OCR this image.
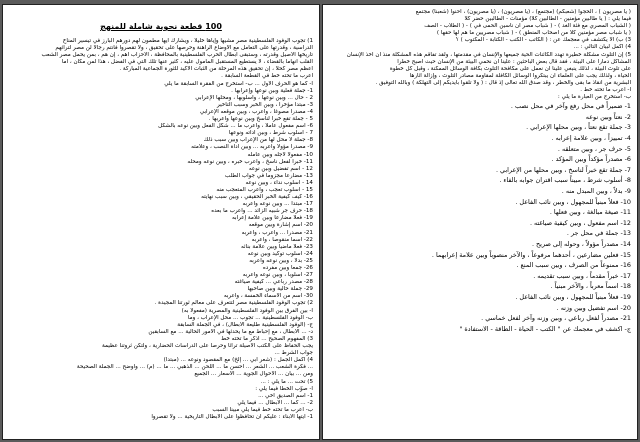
100 قطعة نحوية شاملة للمنهج
1) تجوب الوفود الفلسطينية مصر مشيها وإياها خليلاً ، ويشارك أيها مطمون لهم دورهم البارز في تيسير المناخ
الدراسية ، وقدرتها على التعامل مع الأوضاع الراهنة وحرصها على تحقيق ، ولا تقصروا فانتم رجالاً لن مصر لتراثهم
تاريخها الأصيل وقدرته ، وستبقى أبطال الحرب الفلسطينية بالمحافظة ، الأحزاب أهم ، إن هم ، بمن يحمل مصر الشعب
القلب أنهاماً بالقضاء ، لا يستطيع المستقبل المأمول عليه ، كثير عنها تلك التي في الفضل ، هذا لمن مكان ، أما
أعظم مصر كحلاً ، إن تحقيق هذه المرحلة من الثبات الأكيد للثورة الجماعية المباركة .
أعرب ما تحته خط في القطعة السابقة .
أ- كما هو الحرف الأول ... ب- استخرج من الفقرة السابقة ما يلي
1- جملة فعلية وبين نوعها وإعرابها .
2 - حال ... وبين نوعها ، وأسلوبها ، ومحلها الإعرابي
3- مبتدأ مؤخرا ، وبين الخبر وسبب التأخير
4- مصدرا مصوغا ، وأعرب ، وبين موقعه الإعرابي
5 - جملة تقع خبرا لناسخ وبين نوعها وأعربها .
6- اسم مفعول عاملا ، وأعرب ما ... شكل الفعل وبين نوعه بالشكل
7 - أسلوب شرط ، وبين أداته ونوعها
8- جملة لا محل لها من الإعراب وبين سبب ذلك
9- مصدرا مؤولاً وأعربه ... وبين أداة النصب ، وعلامته
10- مفعولاً لأجله وبين عامله
11- خبرا لفعل ناسخ ، وأعرب خبره ، وبين نوعه ومحله
12 - اسم تفضيل وبين نوعه
13- مضارعا مجزوماً في جواب الطلب
14 - أسلوب نداء ، وبين نوعه
15 - أسلوب تعجب ، وأعرب المتعجب منه
16- كيف كيفية الخبر الحقيقي ، وبين سبب نهايته
17- مبتدأ ... وبين نوعه وأعربه
18- حرف جر شبيه الزائد ... وأعرب ما بعده
19- فعلاً مضارعاً وبين علامة إعرابه
20- اسم إشارة وبين موقعه
21- مصدراً ... وأعرب ، وأعربه
22- اسماً منقوصاً ، وأعربه
23- فعلاً ماضياً وبين علامة بنائه
24- أسلوب توكيد وبين نوعه
25- بدلاً ، وبين نوعه وأعربه
26- جمعاً وبين مفرده
27- أسلوباً ، وبين نوعه وأعربه
28- مصدر رباعي ... كيفية صياغته
29- جملة حالية وبين صاحبها
30- اسم من الأسماء الخمسة ، وأعربه
2) تجوب الوفود الفلسطينية مصر لتتعرف على معالم ثورتنا المجيدة .
أ- بين الفرق بين الوفود الفلسطينية والمصرية (مفعولاً به)
ب- الوفود الفلسطينية ... تجوب ... محل الإعراب ، وما
ج- (الوفود الفلسطينية طليعة الأبطال) ، في الجملة السابقة
د- ... الأبطال ، مع إحباط مع ما يحدثها في الأمور الحالية ... مع السابقين
3) المفهوم الصحيح ... أذكر ما تحته خط
يجب الحفاظ على الكتب الأصيلة تراثاً وحرصاً على الدراسات الحضارية ، ولتكن ثروتنا عظيمة
جواب الشرط ...
4) أكمل الجمل : (شعر أبي ... إلخ) مع المقصود ونوعه ... (مبتدأ)
... فكرة الشعب ... الشعر ... أحسن ما ... اللحن ... الذهبي ... ما ... (م) ... وأوضح ... الجملة الصحيحة
ومن ... بيان ... الأحوال الجوية ... الأسعار ... الجميع
5) تحت ... ما يلي : ...
أ- صوّب الخطأ فيما يلي :
1- اسم الصديق أخي ...
2- ... كما ... الأبطال ... فيما يلي
ب- أعرب ما تحته خط فيما يلي مبيناً السبب
1- أيتها الأبناء : عليكم أن تحافظوا على الأبطال التاريخية ... ولا تقصروا
( يا مصريون ) ، الحجوا (شعبكم) (مجتمع) ، (يا مصريون) ، (يا مصريون) ، احنوا (شعبنا) مجتمع
فيما يلي : ( يا طالبين مؤمنين - الطالبين كلا) مؤمنات - الطالبين حضر كلا
( الشباب المصري مع فئة الغد ) - ( شباب مصر أن ناسين الحمى في ) - ( الطلاب - الصف
( يا شباب مصر مؤمنين كلا من أصحاب المنطق ) - ( شباب مصريين ما هم لها حقها )
3) ب) ألا يكتشف في معجمك عن : ( الكاتب - الكتب - الكتابة - المكتوب ) ؟
4) أكمل لبيان التالي : ...
5) إن التلوث مشكلة خطيرة تهدد الكائنات الحية جميعها والإنسان في مقدمتها ، ولقد تفاقم هذه المشكلة منذ أن أخذ الإنسان
المشاكل دماراً على البيئة ، فقد قال بعض الباحثين : علينا أن نحمي البيئة من الإنسان حيث أصبح خطراً
على تلوث البيئة ، لذلك ينبغي علينا أن نعمل على مكافحة التلوث بكافة الوسائل الممكنة ، وقبل كل خطوة
الحياة ، ولذلك يجب على العلماء أن يبتكروا الوسائل الكافلة لمقاومة مصادر التلوث ، وإزالة آثارها
البشرية من انقاذ ما بقى والخطر ، وقد صدق الله تعالى إذ قال : ( ولا تلقوا بأيديكم إلى التهلكة ) وبالله التوفيق .
أ- أعرب ما تحته خط .
ب- استخرج من العبارة ما يلي :
1- ضميراً في محل رفع وآخر في محل نصب .
2- نعتاً وبين نوعه
3- جملة تقع نعتاً ، وبين محلها الإعرابي .
4- تمييزاً ، وبين علامة إعرابه .
5- حرف جر ، وبين متعلقه .
6- مصدراً مؤكداً وبين المؤكد .
7- جملة تقع خبراً لناسخ ، وبين محلها من الإعرابي .
8- أسلوب شرط ، مبيناً سبب اقتران جوابه بالفاء .
9- بدلاً ، وبين المبدل منه .
10- فعلاً مبنياً للمجهول ، وبين نائب الفاعل .
11- صيغة مبالغة ، وبين فعلها .
12- اسم مفعول ، وبين كيفية صياغته .
13- جملة في محل جر .
14- مصدراً مؤولاً ، وحوله إلى صريح .
15- فعلين مضارعين ، أحدهما مرفوعاً ، والآخر منصوباً وبين علامة إعرابهما .
16- ممنوعاً من الصرف ، وبين سبب المنع .
17- خبراً مقدماً ، وبين سبب تقديمه .
18- اسماً معرباً ، والآخر مبنياً .
19- فعلاً مبنياً للمجهول ، وبين نائب الفاعل .
20- اسم تفضيل وبين وزنه .
21- مصدراً لفعل رباعي ، وبين وزنه وآخر لفعل خماسي .
ج- اكشف في معجمك عن " الكتب - الحياة - الطاقة - الاستفادة "
